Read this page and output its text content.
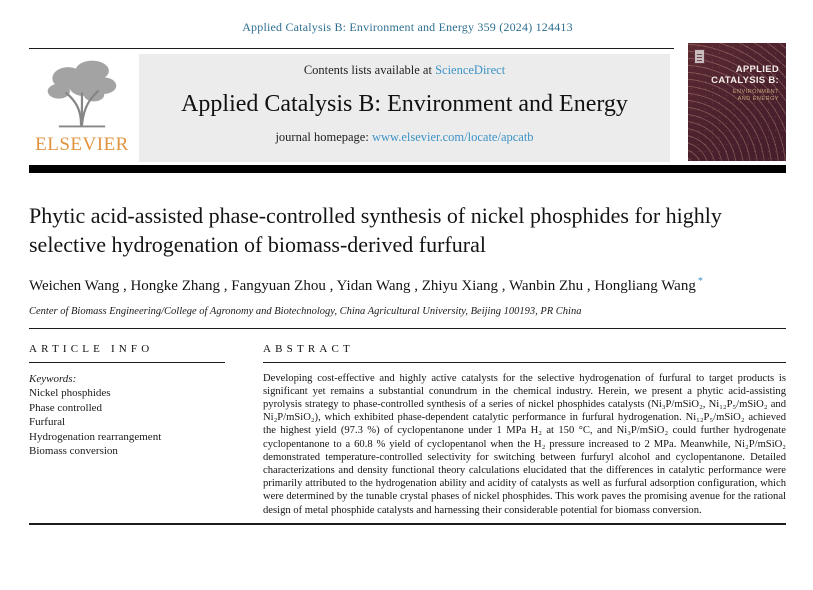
Applied Catalysis B: Environment and Energy 359 (2024) 124413
ELSEVIER
Contents lists available at ScienceDirect
Applied Catalysis B: Environment and Energy
journal homepage: www.elsevier.com/locate/apcatb
APPLIED
CATALYSIS B:
ENVIRONMENT
AND ENERGY
Phytic acid-assisted phase-controlled synthesis of nickel phosphides for highly selective hydrogenation of biomass-derived furfural
Weichen Wang , Hongke Zhang , Fangyuan Zhou , Yidan Wang , Zhiyu Xiang , Wanbin Zhu , Hongliang Wang *
Center of Biomass Engineering/College of Agronomy and Biotechnology, China Agricultural University, Beijing 100193, PR China
ARTICLE INFO
Keywords:
Nickel phosphides
Phase controlled
Furfural
Hydrogenation rearrangement
Biomass conversion
ABSTRACT

Developing cost-effective and highly active catalysts for the selective hydrogenation of furfural to target products is significant yet remains a substantial conundrum in the chemical industry. Herein, we present a phytic acid-assisting pyrolysis strategy to phase-controlled synthesis of a series of nickel phosphides catalysts (Ni₃P/mSiO₂, Ni₁₂P₅/mSiO₂ and Ni₂P/mSiO₂), which exhibited phase-dependent catalytic performance in furfural hydrogenation. Ni₁₂P₅/mSiO₂ achieved the highest yield (97.3 %) of cyclopentanone under 1 MPa H₂ at 150 °C, and Ni₃P/mSiO₂ could further hydrogenate cyclopentanone to a 60.8 % yield of cyclopentanol when the H₂ pressure increased to 2 MPa. Meanwhile, Ni₂P/mSiO₂ demonstrated temperature-controlled selectivity for switching between furfuryl alcohol and cyclopentanone. Detailed characterizations and density functional theory calculations elucidated that the differences in catalytic performance were primarily attributed to the hydrogenation ability and acidity of catalysts as well as furfural adsorption configuration, which were determined by the tunable crystal phases of nickel phosphides. This work paves the promising avenue for the rational design of metal phosphide catalysts and harnessing their considerable potential for biomass conversion.
